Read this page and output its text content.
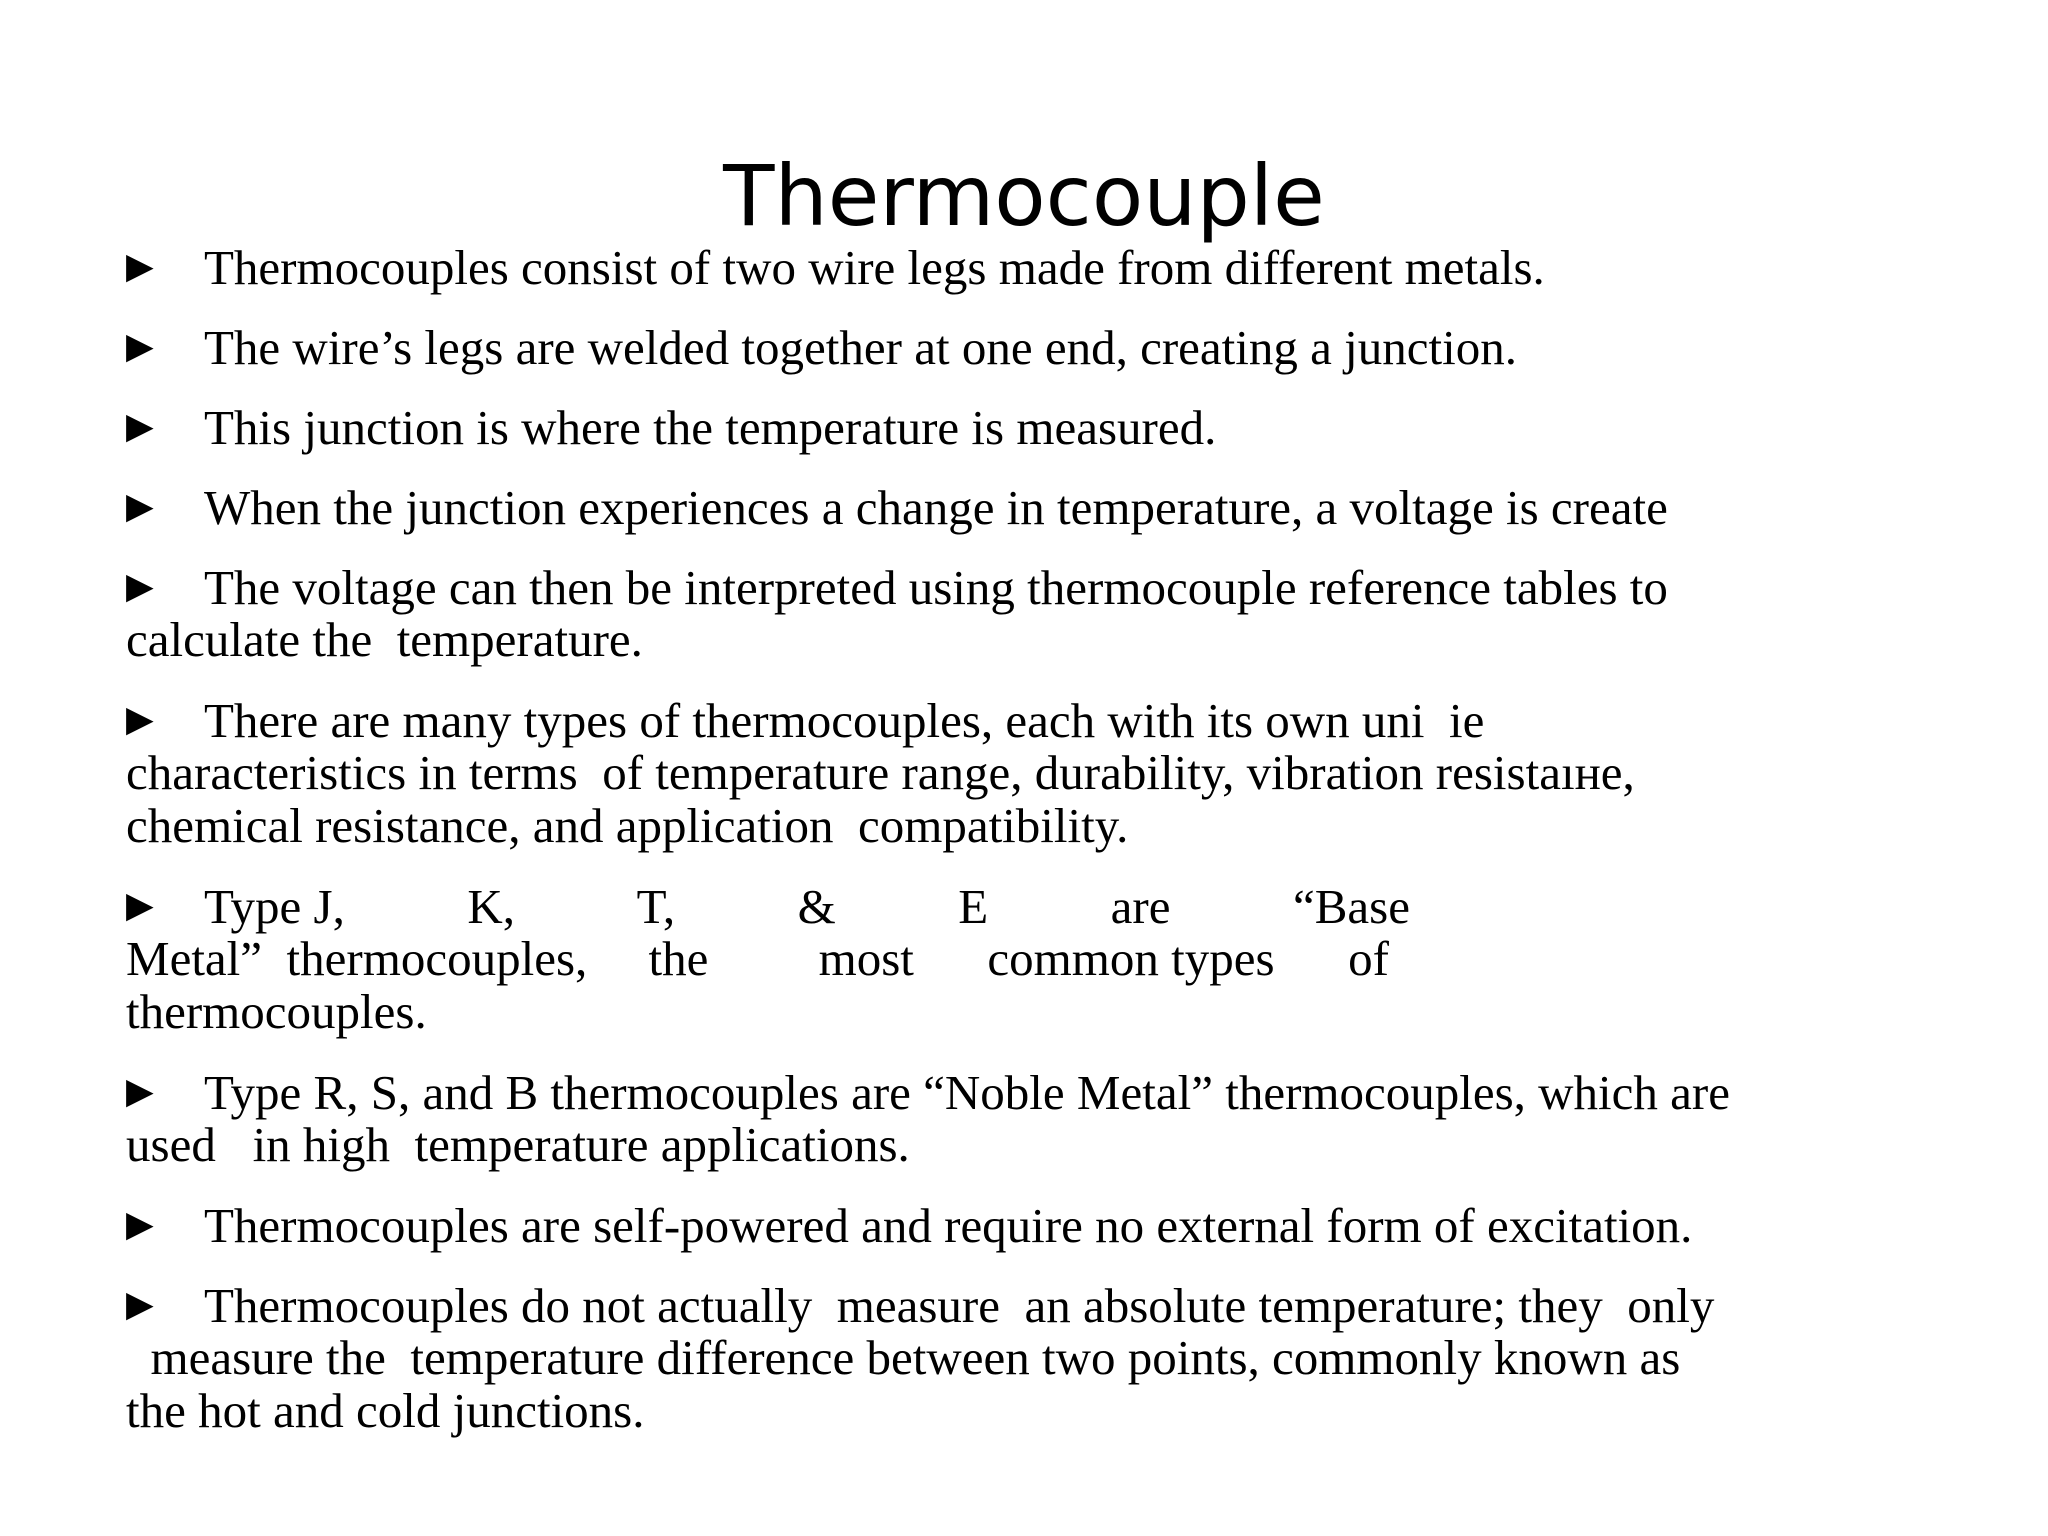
Thermocouple
▶ Thermocouples consist of two wire legs made from different metals.
▶ The wire’s legs are welded together at one end, creating a junction.
▶ This junction is where the temperature is measured.
▶ When the junction experiences a change in temperature, a voltage is create
▶ The voltage can then be interpreted using thermocouple reference tables to
calculate the  temperature.
▶ There are many types of thermocouples, each with its own uni  ie
characteristics in terms  of temperature range, durability, vibration resistaıʜe,
chemical resistance, and application  compatibility.
▶ Type J,          K,          T,          &          E          are          “Base
Metal”  thermocouples,     the         most      common types      of
thermocouples.
▶ Type R, S, and B thermocouples are “Noble Metal” thermocouples, which are
used   in high  temperature applications.
▶ Thermocouples are self-powered and require no external form of excitation.
▶ Thermocouples do not actually  measure  an absolute temperature; they  only
measure the  temperature difference between two points, commonly known as
the hot and cold junctions.
